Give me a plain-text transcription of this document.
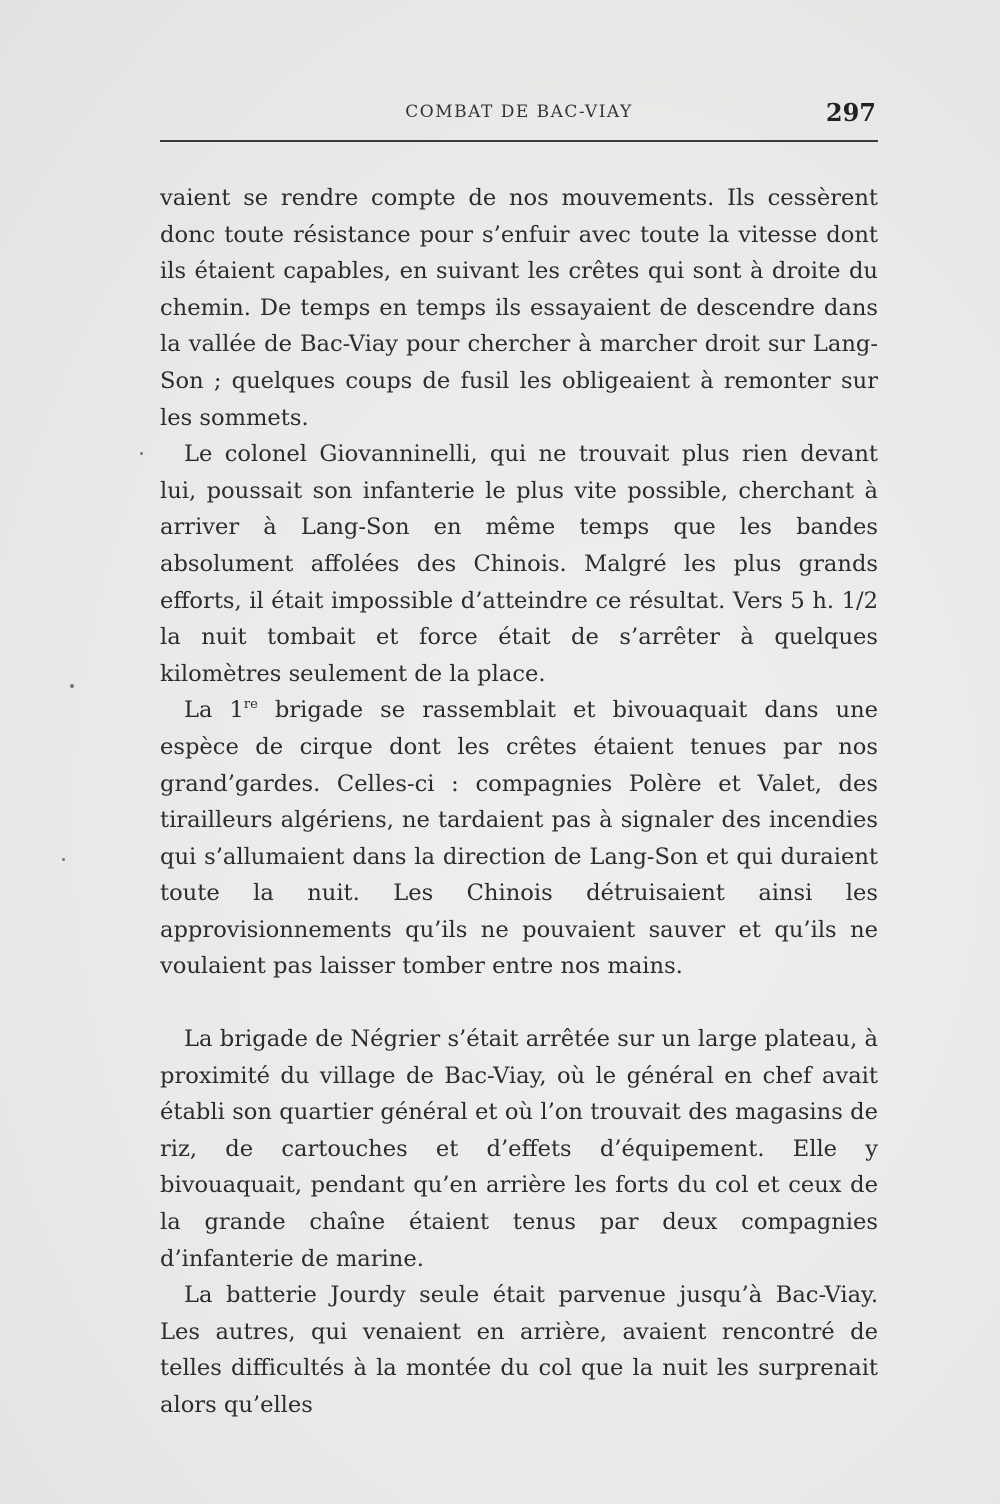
COMBAT DE BAC-VIAY	297

vaient se rendre compte de nos mouvements. Ils cessèrent donc toute résistance pour s’enfuir avec toute la vitesse dont ils étaient capables, en suivant les crêtes qui sont à droite du chemin. De temps en temps ils essayaient de descendre dans la vallée de Bac-Viay pour chercher à marcher droit sur Lang-Son ; quelques coups de fusil les obligeaient à remonter sur les sommets.

Le colonel Giovanninelli, qui ne trouvait plus rien devant lui, poussait son infanterie le plus vite possible, cherchant à arriver à Lang-Son en même temps que les bandes absolument affolées des Chinois. Malgré les plus grands efforts, il était impossible d’atteindre ce résultat. Vers 5 h. 1/2 la nuit tombait et force était de s’arrêter à quelques kilomètres seulement de la place.

La 1re brigade se rassemblait et bivouaquait dans une espèce de cirque dont les crêtes étaient tenues par nos grand’gardes. Celles-ci : compagnies Polère et Valet, des tirailleurs algériens, ne tardaient pas à signaler des incendies qui s’allumaient dans la direction de Lang-Son et qui duraient toute la nuit. Les Chinois détruisaient ainsi les approvisionnements qu’ils ne pouvaient sauver et qu’ils ne voulaient pas laisser tomber entre nos mains.

La brigade de Négrier s’était arrêtée sur un large plateau, à proximité du village de Bac-Viay, où le général en chef avait établi son quartier général et où l’on trouvait des magasins de riz, de cartouches et d’effets d’équipement. Elle y bivouaquait, pendant qu’en arrière les forts du col et ceux de la grande chaîne étaient tenus par deux compagnies d’infanterie de marine.

La batterie Jourdy seule était parvenue jusqu’à Bac-Viay. Les autres, qui venaient en arrière, avaient rencontré de telles difficultés à la montée du col que la nuit les surprenait alors qu’elles
